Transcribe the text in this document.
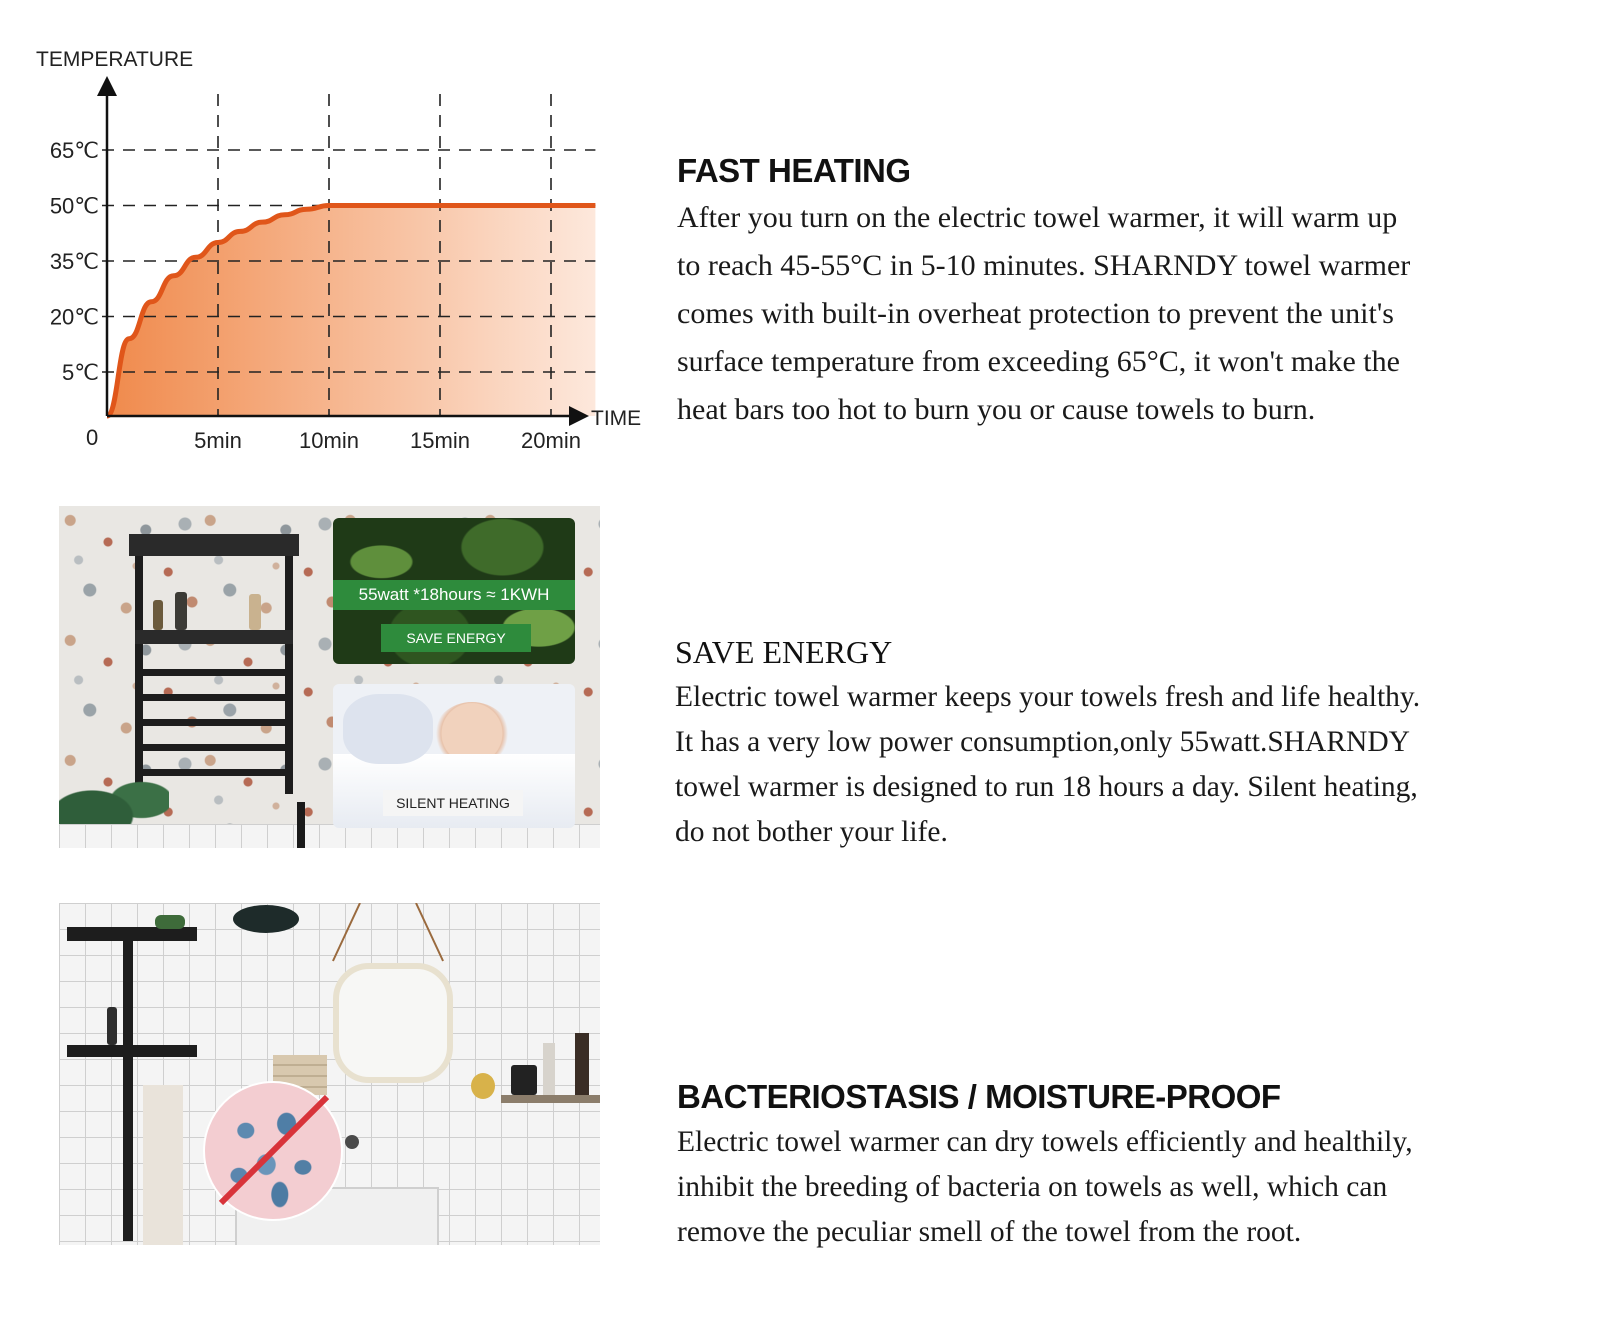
TEMPERATURE
TIME
0
5℃
20℃
35℃
50℃
65℃
5min	10min 15min 20min
FAST HEATING

After you turn on the electric towel warmer, it will warm up
to reach 45-55°C in 5-10 minutes. SHARNDY towel warmer
comes with built-in overheat protection to prevent the unit's
surface temperature from exceeding 65°C, it won't make the
heat bars too hot to burn you or cause towels to burn.

SAVE ENERGY

Electric towel warmer keeps your towels fresh and life healthy.
It has a very low power consumption,only 55watt.SHARNDY
towel warmer is designed to run 18 hours a day. Silent heating,
do not bother your life.

BACTERIOSTASIS / MOISTURE-PROOF

Electric towel warmer can dry towels efficiently and healthily,
inhibit the breeding of bacteria on towels as well, which can
remove the peculiar smell of the towel from the root.

55watt *18hours ≈ 1KWH
SAVE ENERGY
SILENT HEATING
